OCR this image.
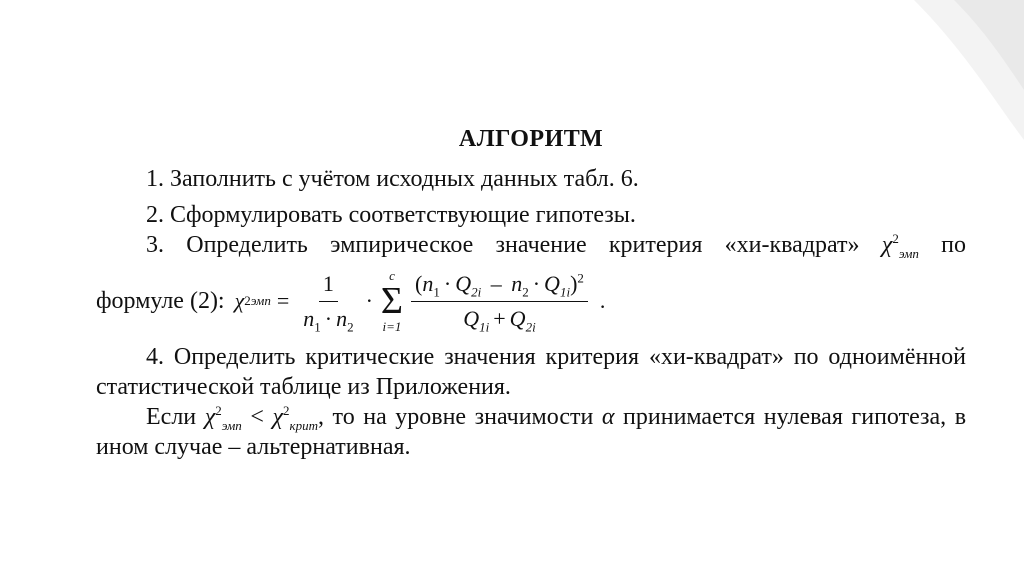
АЛГОРИТМ

1. Заполнить с учётом исходных данных табл. 6.

2. Сформулировать соответствующие гипотезы.

3. Определить эмпирическое значение критерия «хи-квадрат» $\chi^2_{эмп}$ по

формуле (2): χ 2 эмп = $\frac{1}{n_1 \cdot n_2}$ ·
c
Σ
$i=1 \frac{(n_1 \cdot Q_{2i} - n_2 \cdot Q_{1i})^2}{Q_{1i} + Q_{2i}}$ .

4. Определить критические значения критерия «хи-квадрат» по одноимённой статистической таблице из Приложения.

Если $\chi^2_{эмп} < \chi^2_{крит}$, то на уровне значимости α принимается нулевая гипотеза, в ином случае – альтернативная.
